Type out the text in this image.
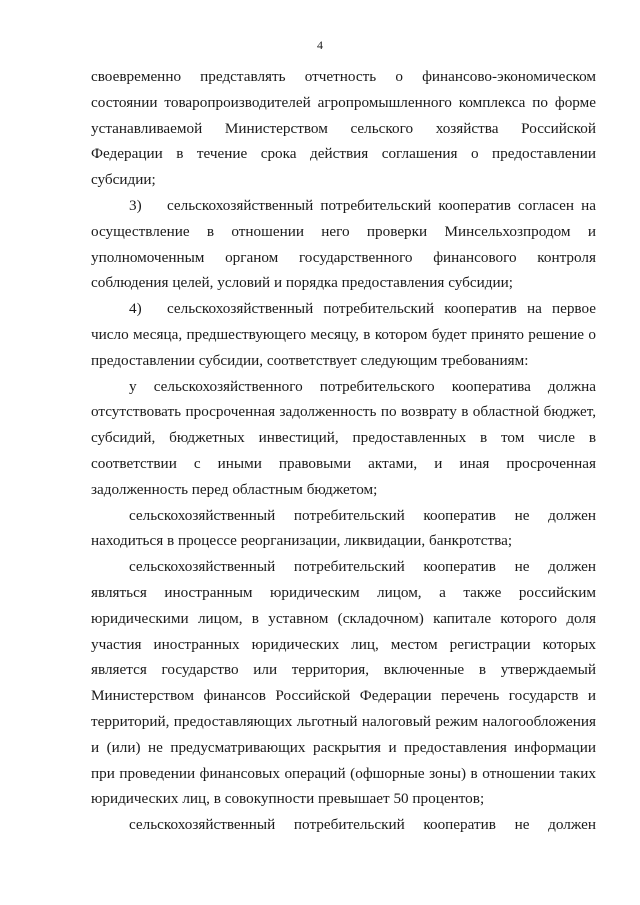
4

своевременно представлять отчетность о финансово-экономическом состоянии товаропроизводителей агропромышленного комплекса по форме устанавливаемой Министерством сельского хозяйства Российской Федерации в течение срока действия соглашения о предоставлении субсидии;

3) сельскохозяйственный потребительский кооператив согласен на осуществление в отношении него проверки Минсельхозпродом и уполномоченным органом государственного финансового контроля соблюдения целей, условий и порядка предоставления субсидии;

4) сельскохозяйственный потребительский кооператив на первое число месяца, предшествующего месяцу, в котором будет принято решение о предоставлении субсидии, соответствует следующим требованиям:

у сельскохозяйственного потребительского кооператива должна отсутствовать просроченная задолженность по возврату в областной бюджет, субсидий, бюджетных инвестиций, предоставленных в том числе в соответствии с иными правовыми актами, и иная просроченная задолженность перед областным бюджетом;

сельскохозяйственный потребительский кооператив не должен находиться в процессе реорганизации, ликвидации, банкротства;

сельскохозяйственный потребительский кооператив не должен являться иностранным юридическим лицом, а также российским юридическими лицом, в уставном (складочном) капитале которого доля участия иностранных юридических лиц, местом регистрации которых является государство или территория, включенные в утверждаемый Министерством финансов Российской Федерации перечень государств и территорий, предоставляющих льготный налоговый режим налогообложения и (или) не предусматривающих раскрытия и предоставления информации при проведении финансовых операций (офшорные зоны) в отношении таких юридических лиц, в совокупности превышает 50 процентов;

сельскохозяйственный потребительский кооператив не должен
